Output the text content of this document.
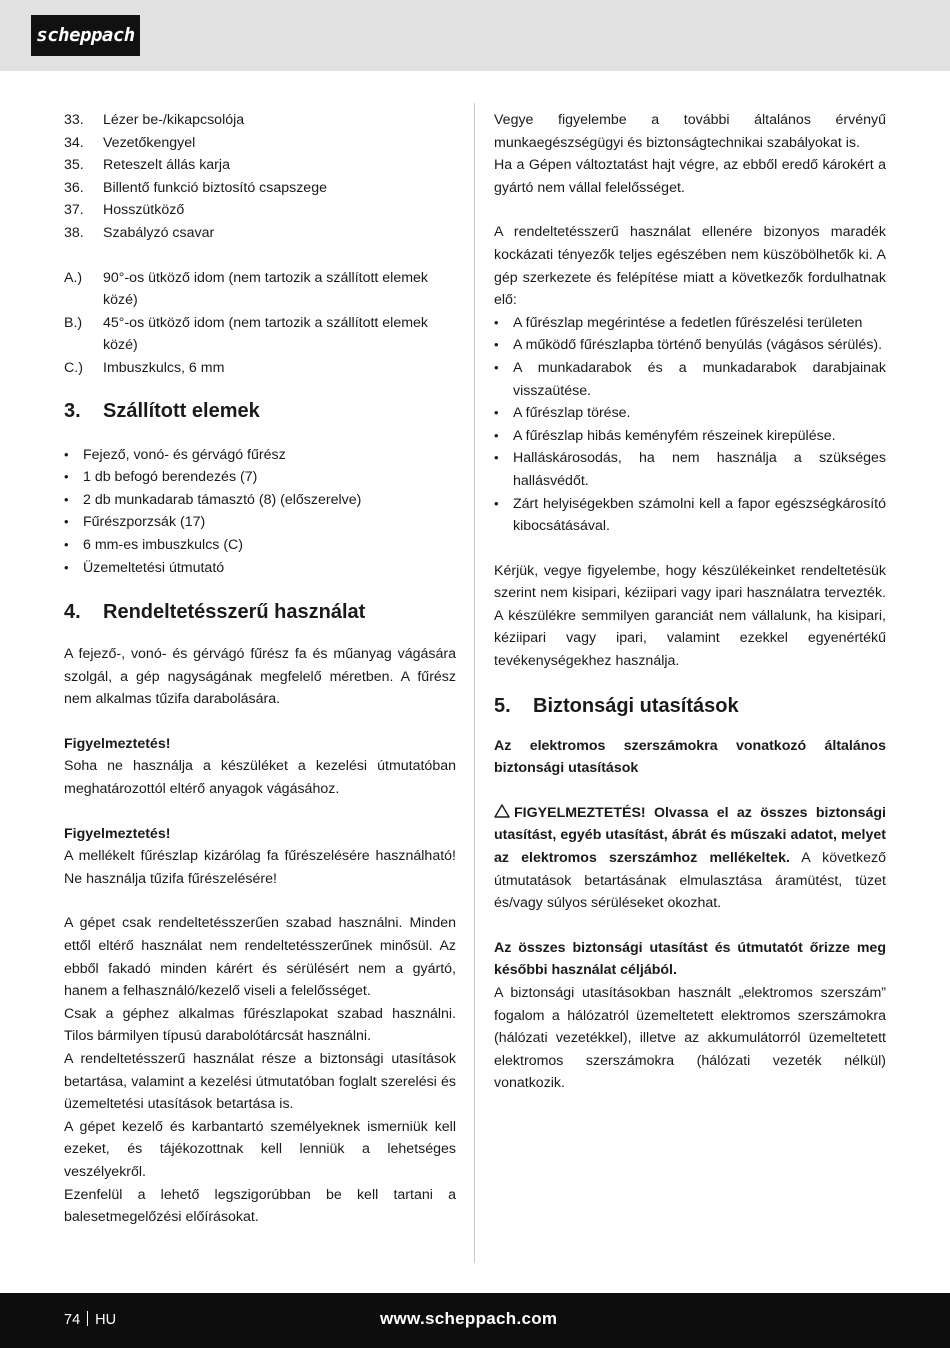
scheppach
33.	Lézer be-/kikapcsolója
34.	Vezetőkengyel
35.	Reteszelt állás karja
36.	Billentő funkció biztosító csapszege
37.	Hosszütköző
38.	Szabályzó csavar
A.)	90°-os ütköző idom (nem tartozik a szállított elemek közé)
B.)	45°-os ütköző idom (nem tartozik a szállított elemek közé)
C.)	Imbuszkulcs, 6 mm
3.	Szállított elemek
• Fejező, vonó- és gérvágó fűrész
• 1 db befogó berendezés (7)
• 2 db munkadarab támasztó (8) (előszerelve)
• Fűrészporzsák (17)
• 6 mm-es imbuszkulcs (C)
• Üzemeltetési útmutató
4.	Rendeltetésszerű használat

A fejező-, vonó- és gérvágó fűrész fa és műanyag vágására szolgál, a gép nagyságának megfelelő méretben. A fűrész nem alkalmas tűzifa darabolására.

Figyelmeztetés!

Soha ne használja a készüléket a kezelési útmutatóban meghatározottól eltérő anyagok vágásához.

Figyelmeztetés!

A mellékelt fűrészlap kizárólag fa fűrészelésére használható! Ne használja tűzifa fűrészelésére!

A gépet csak rendeltetésszerűen szabad használni. Minden ettől eltérő használat nem rendeltetésszerűnek minősül. Az ebből fakadó minden kárért és sérülésért nem a gyártó, hanem a felhasználó/kezelő viseli a felelősséget.

Csak a géphez alkalmas fűrészlapokat szabad használni. Tilos bármilyen típusú darabolótárcsát használni.

A rendeltetésszerű használat része a biztonsági utasítások betartása, valamint a kezelési útmutatóban foglalt szerelési és üzemeltetési utasítások betartása is.

A gépet kezelő és karbantartó személyeknek ismerniük kell ezeket, és tájékozottnak kell lenniük a lehetséges veszélyekről.

Ezenfelül a lehető legszigorúbban be kell tartani a balesetmegelőzési előírásokat.

Vegye figyelembe a további általános érvényű munkaegészségügyi és biztonságtechnikai szabályokat is.

Ha a Gépen változtatást hajt végre, az ebből eredő károkért a gyártó nem vállal felelősséget.

A rendeltetésszerű használat ellenére bizonyos maradék kockázati tényezők teljes egészében nem küszöbölhetők ki. A gép szerkezete és felépítése miatt a következők fordulhatnak elő:

• A fűrészlap megérintése a fedetlen fűrészelési területen
• A működő fűrészlapba történő benyúlás (vágásos sérülés).
• A munkadarabok és a munkadarabok darabjainak visszaütése.
• A fűrészlap törése.
• A fűrészlap hibás keményfém részeinek kirepülése.
• Halláskárosodás, ha nem használja a szükséges hallásvédőt.
• Zárt helyiségekben számolni kell a fapor egészségkárosító kibocsátásával.

Kérjük, vegye figyelembe, hogy készülékeinket rendeltetésük szerint nem kisipari, kéziipari vagy ipari használatra tervezték. A készülékre semmilyen garanciát nem vállalunk, ha kisipari, kéziipari vagy ipari, valamint ezekkel egyenértékű tevékenységekhez használja.

5.	Biztonsági utasítások

Az elektromos szerszámokra vonatkozó általános biztonsági utasítások

FIGYELMEZTETÉS! Olvassa el az összes biztonsági utasítást, egyéb utasítást, ábrát és műszaki adatot, melyet az elektromos szerszámhoz mellékeltek. A következő útmutatások betartásának elmulasztása áramütést, tüzet és/vagy súlyos sérüléseket okozhat.

Az összes biztonsági utasítást és útmutatót őrizze meg későbbi használat céljából.

A biztonsági utasításokban használt „elektromos szerszám” fogalom a hálózatról üzemeltetett elektromos szerszámokra (hálózati vezetékkel), illetve az akkumulátorról üzemeltetett elektromos szerszámokra (hálózati vezeték nélkül) vonatkozik.

74 HU	www.scheppach.com
